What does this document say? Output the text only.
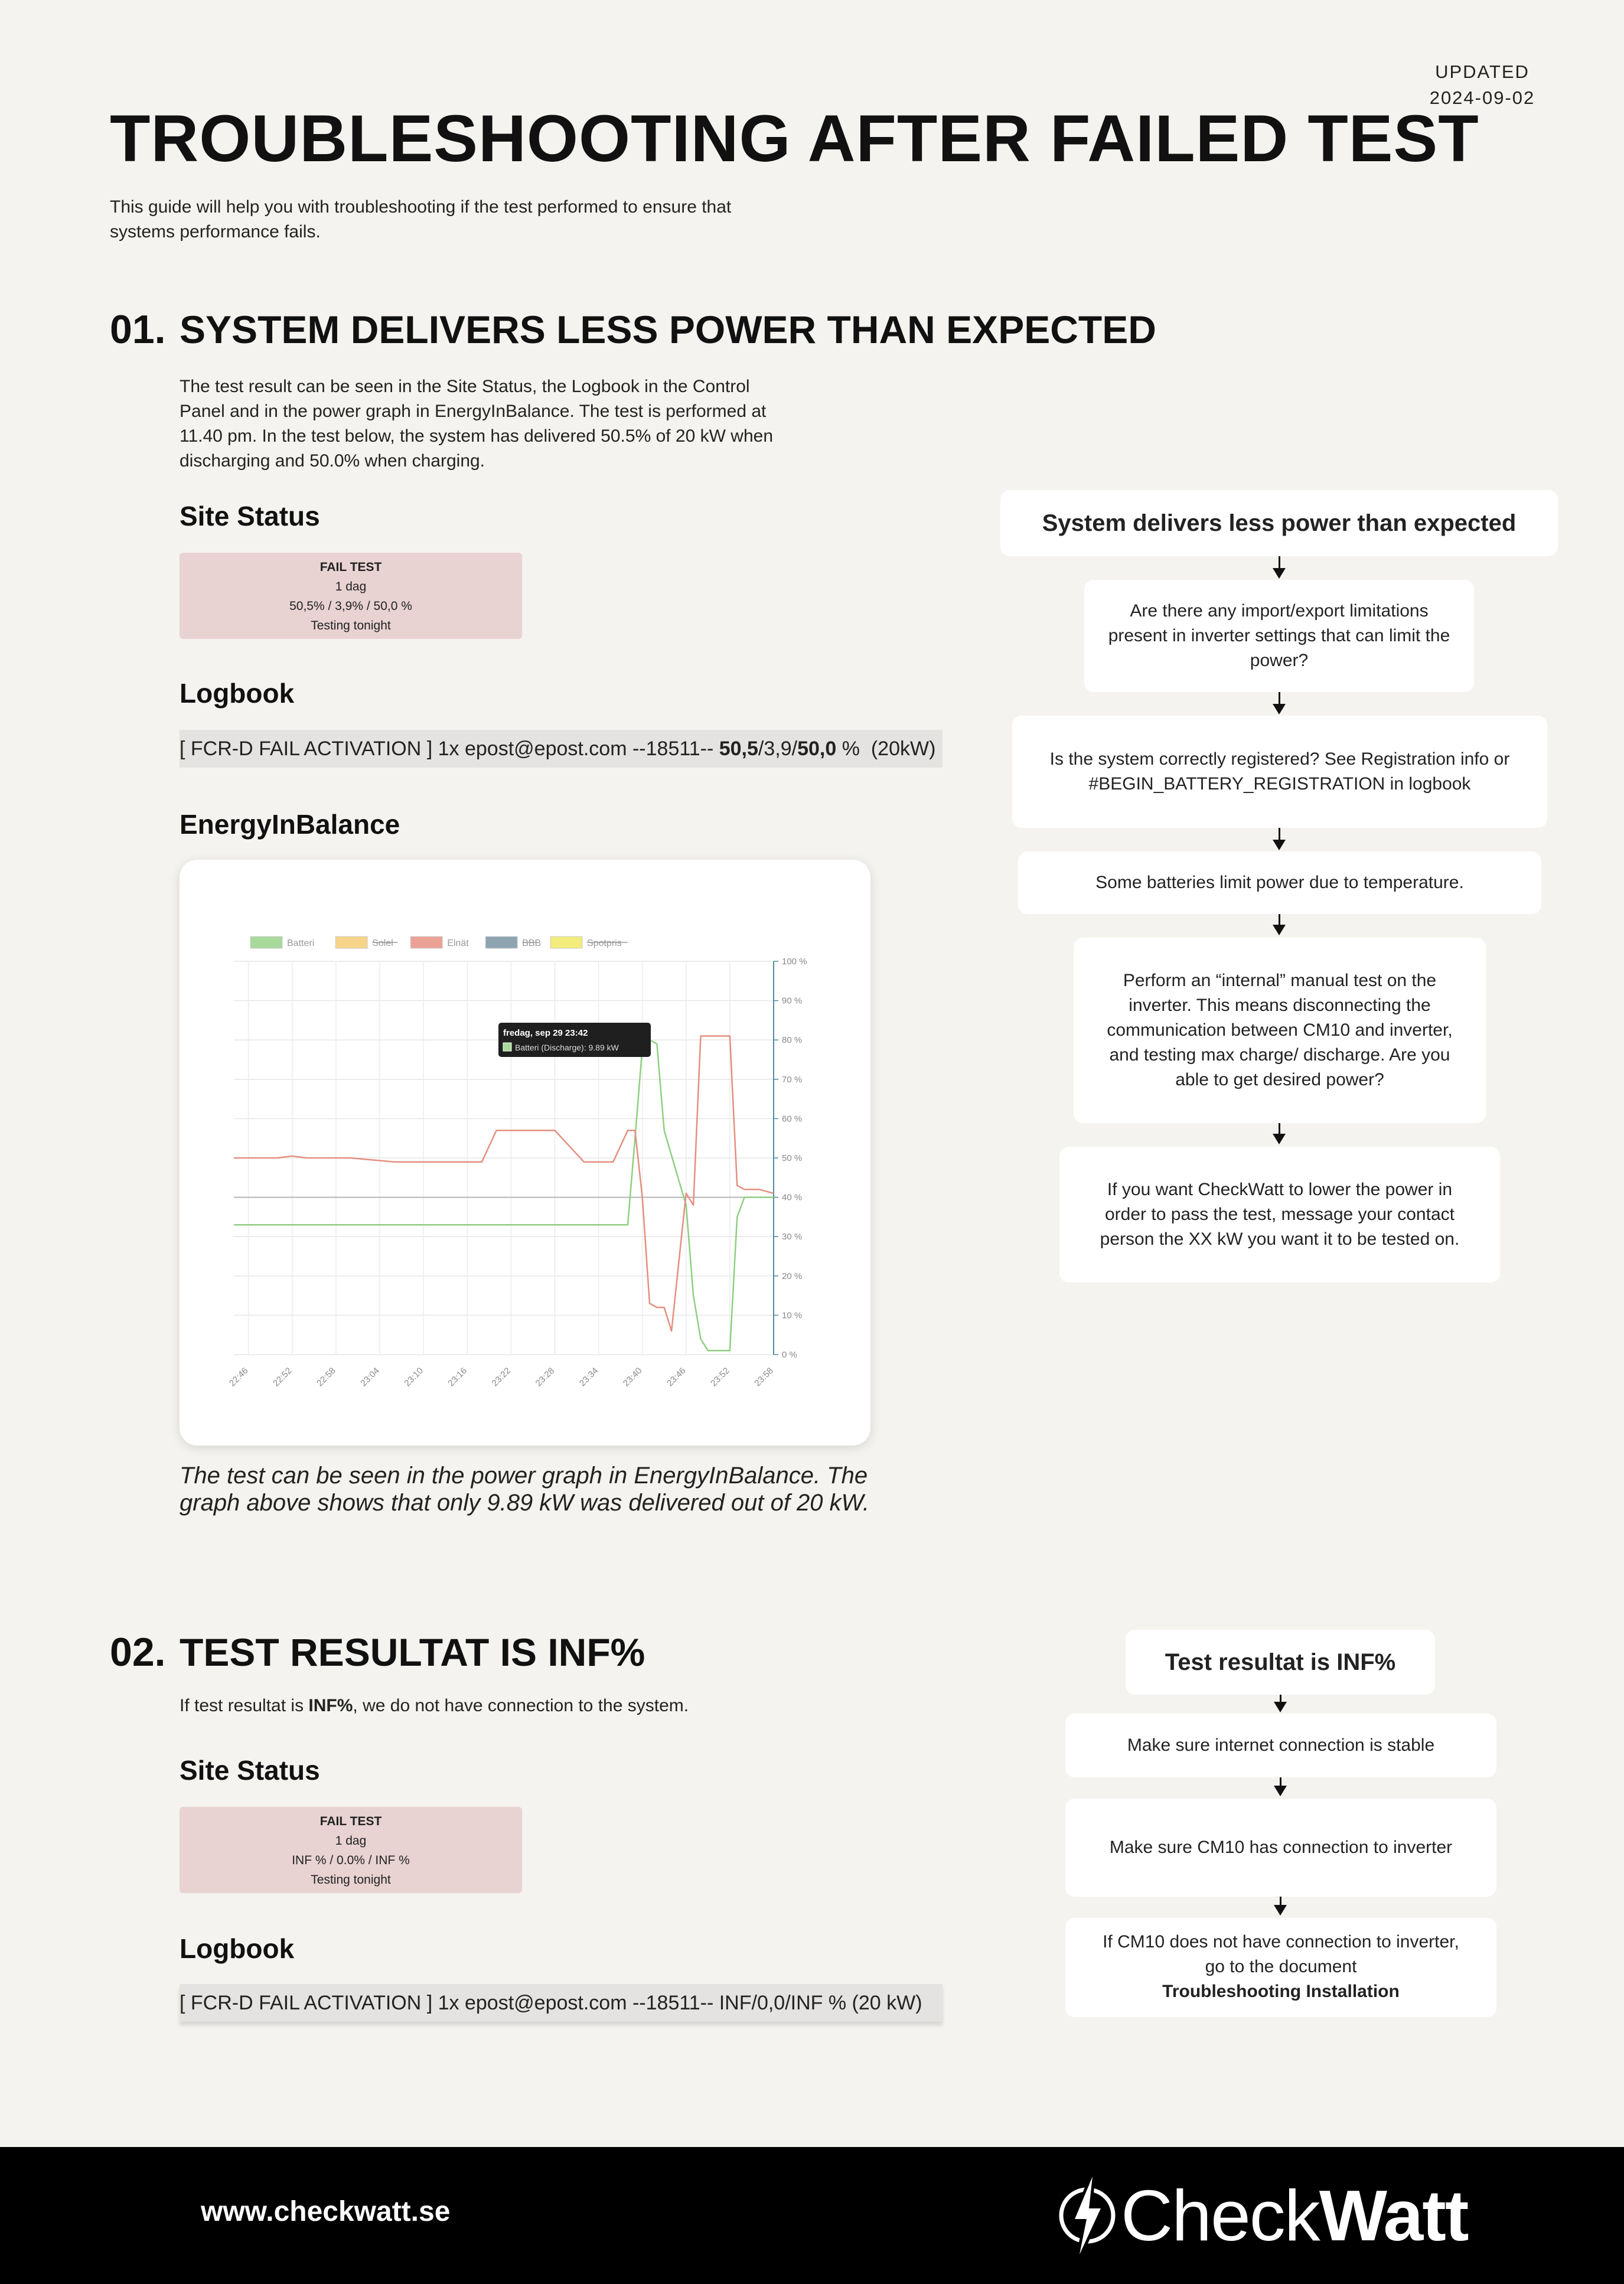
UPDATED
2024-09-02
TROUBLESHOOTING AFTER FAILED TEST
This guide will help you with troubleshooting if the test performed to ensure that systems performance fails.
01. SYSTEM DELIVERS LESS POWER THAN EXPECTED
The test result can be seen in the Site Status, the Logbook in the Control Panel and in the power graph in EnergyInBalance. The test is performed at 11.40 pm. In the test below, the system has delivered 50.5% of 20 kW when discharging and 50.0% when charging.
Site Status
FAIL TEST
1 dag
50,5% / 3,9% / 50,0 %
Testing tonight
Logbook
[ FCR-D FAIL ACTIVATION ] 1x epost@epost.com --18511-- 50,5/3,9/50,0 %  (20kW)
EnergyInBalance
0 %
10 %
20 %
30 %
40 %
50 %
60 %
70 %
80 %
90 %
100 %
22:46 22:52 22:58 23:04 23:10 23:16 23:22 23:28 23:34 23:40 23:46 23:52 23:58
Batteri	Solel	Elnät	BBB	Spotpris
fredag, sep 29 23:42
Batteri (Discharge): 9.89 kW
The test can be seen in the power graph in EnergyInBalance. The graph above shows that only 9.89 kW was delivered out of 20 kW.
System delivers less power than expected
Are there any import/export limitations present in inverter settings that can limit the power?
Is the system correctly registered? See Registration info or #BEGIN_BATTERY_REGISTRATION in logbook
Some batteries limit power due to temperature.
Perform an “internal” manual test on the inverter. This means disconnecting the communication between CM10 and inverter, and testing max charge/ discharge. Are you able to get desired power?
If you want CheckWatt to lower the power in order to pass the test, message your contact person the XX kW you want it to be tested on.
02. TEST RESULTAT IS INF%
If test resultat is INF%, we do not have connection to the system.
Site Status
FAIL TEST
1 dag
INF % / 0.0% / INF %
Testing tonight
Logbook
[ FCR-D FAIL ACTIVATION ] 1x epost@epost.com --18511-- INF/0,0/INF % (20 kW)
Test resultat is INF%
Make sure internet connection is stable
Make sure CM10 has connection to inverter
If CM10 does not have connection to inverter, go to the document
Troubleshooting Installation
www.checkwatt.se	CheckWatt
